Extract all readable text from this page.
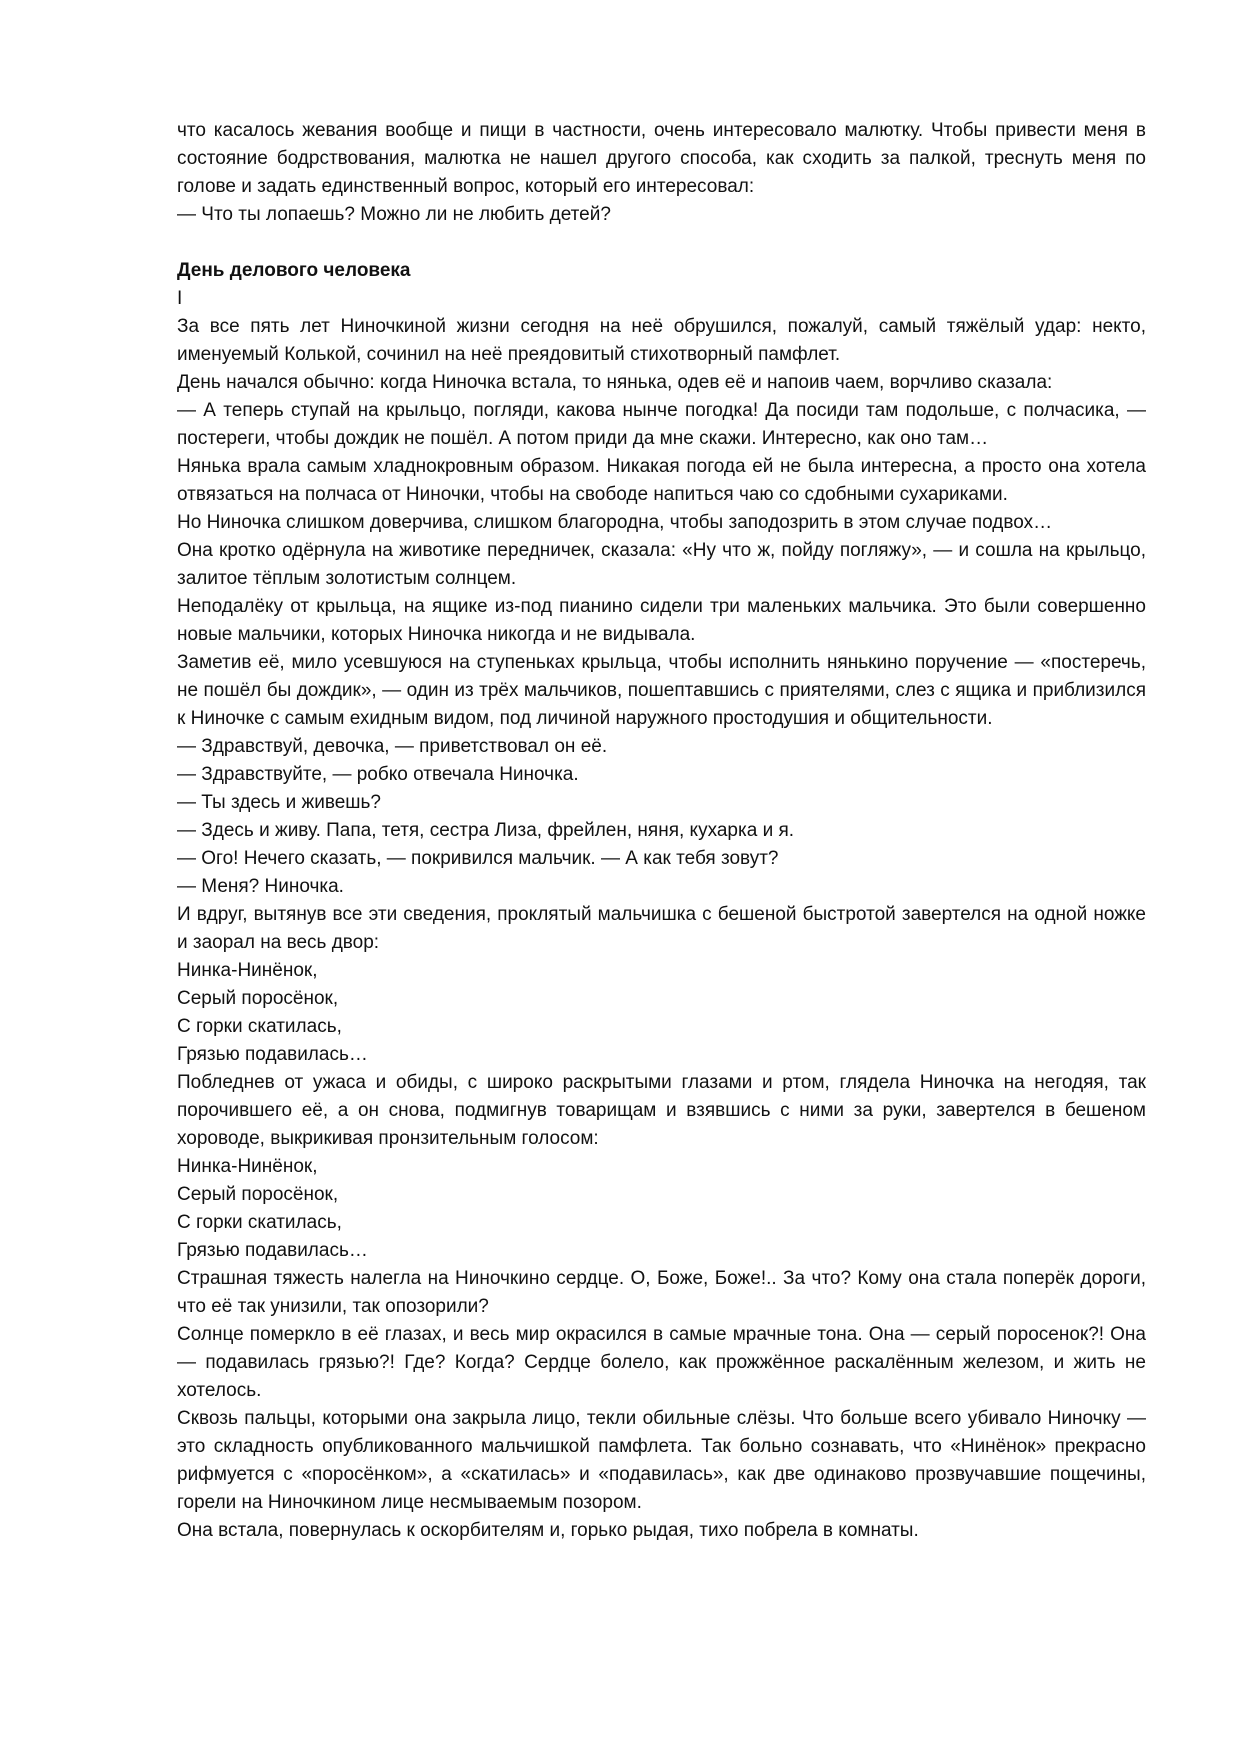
что касалось жевания вообще и пищи в частности, очень интересовало малютку. Чтобы привести меня в состояние бодрствования, малютка не нашел другого способа, как сходить за палкой, треснуть меня по голове и задать единственный вопрос, который его интересовал:

— Что ты лопаешь? Можно ли не любить детей?

День делового человека

I

За все пять лет Ниночкиной жизни сегодня на неё обрушился, пожалуй, самый тяжёлый удар: некто, именуемый Колькой, сочинил на неё преядовитый стихотворный памфлет.

День начался обычно: когда Ниночка встала, то нянька, одев её и напоив чаем, ворчливо сказала:

— А теперь ступай на крыльцо, погляди, какова нынче погодка! Да посиди там подольше, с полчасика, — постереги, чтобы дождик не пошёл. А потом приди да мне скажи. Интересно, как оно там…

Нянька врала самым хладнокровным образом. Никакая погода ей не была интересна, а просто она хотела отвязаться на полчаса от Ниночки, чтобы на свободе напиться чаю со сдобными сухариками.

Но Ниночка слишком доверчива, слишком благородна, чтобы заподозрить в этом случае подвох…

Она кротко одёрнула на животике передничек, сказала: «Ну что ж, пойду погляжу», — и сошла на крыльцо, залитое тёплым золотистым солнцем.

Неподалёку от крыльца, на ящике из-под пианино сидели три маленьких мальчика. Это были совершенно новые мальчики, которых Ниночка никогда и не видывала.

Заметив её, мило усевшуюся на ступеньках крыльца, чтобы исполнить нянькино поручение — «постеречь, не пошёл бы дождик», — один из трёх мальчиков, пошептавшись с приятелями, слез с ящика и приблизился к Ниночке с самым ехидным видом, под личиной наружного простодушия и общительности.

— Здравствуй, девочка, — приветствовал он её.

— Здравствуйте, — робко отвечала Ниночка.

— Ты здесь и живешь?

— Здесь и живу. Папа, тетя, сестра Лиза, фрейлен, няня, кухарка и я.

— Ого! Нечего сказать, — покривился мальчик. — А как тебя зовут?

— Меня? Ниночка.

И вдруг, вытянув все эти сведения, проклятый мальчишка с бешеной быстротой завертелся на одной ножке и заорал на весь двор:

Нинка-Нинёнок,

Серый поросёнок,

С горки скатилась,

Грязью подавилась…

Побледнев от ужаса и обиды, с широко раскрытыми глазами и ртом, глядела Ниночка на негодяя, так порочившего её, а он снова, подмигнув товарищам и взявшись с ними за руки, завертелся в бешеном хороводе, выкрикивая пронзительным голосом:

Нинка-Нинёнок,

Серый поросёнок,

С горки скатилась,

Грязью подавилась…

Страшная тяжесть налегла на Ниночкино сердце. О, Боже, Боже!.. За что? Кому она стала поперёк дороги, что её так унизили, так опозорили?

Солнце померкло в её глазах, и весь мир окрасился в самые мрачные тона. Она — серый поросенок?! Она — подавилась грязью?! Где? Когда? Сердце болело, как прожжённое раскалённым железом, и жить не хотелось.

Сквозь пальцы, которыми она закрыла лицо, текли обильные слёзы. Что больше всего убивало Ниночку — это складность опубликованного мальчишкой памфлета. Так больно сознавать, что «Нинёнок» прекрасно рифмуется с «поросёнком», а «скатилась» и «подавилась», как две одинаково прозвучавшие пощечины, горели на Ниночкином лице несмываемым позором.

Она встала, повернулась к оскорбителям и, горько рыдая, тихо побрела в комнаты.
